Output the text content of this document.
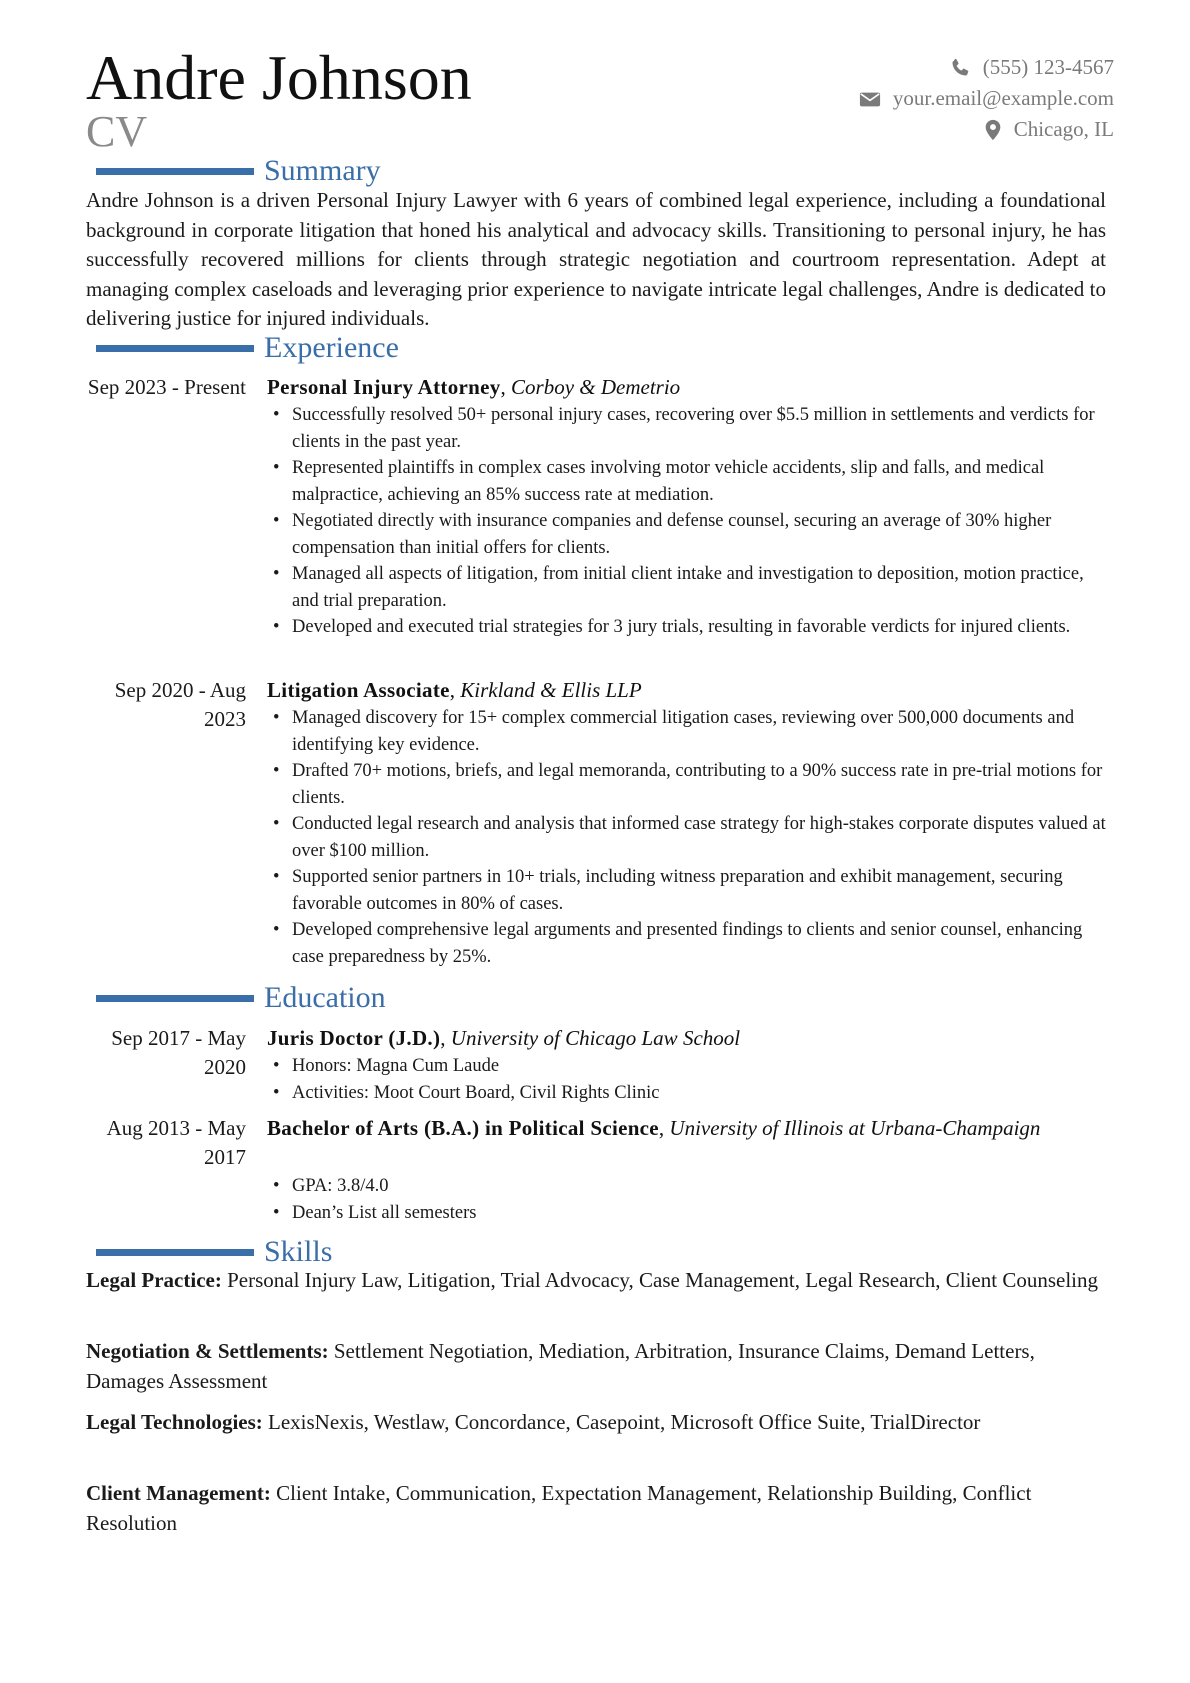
Andre Johnson
CV
(555) 123-4567
your.email@example.com
Chicago, IL
Summary
Andre Johnson is a driven Personal Injury Lawyer with 6 years of combined legal experience, including a foundational background in corporate litigation that honed his analytical and advocacy skills. Transitioning to personal injury, he has successfully recovered millions for clients through strategic negotiation and courtroom representation. Adept at managing complex caseloads and leveraging prior experience to navigate intricate legal challenges, Andre is dedicated to delivering justice for injured individuals.
Experience
Sep 2023 - Present Personal Injury Attorney, Corboy & Demetrio
• Successfully resolved 50+ personal injury cases, recovering over $5.5 million in settlements and verdicts for clients in the past year.
• Represented plaintiffs in complex cases involving motor vehicle accidents, slip and falls, and medical malpractice, achieving an 85% success rate at mediation.
• Negotiated directly with insurance companies and defense counsel, securing an average of 30% higher compensation than initial offers for clients.
• Managed all aspects of litigation, from initial client intake and investigation to deposition, motion practice, and trial preparation.
• Developed and executed trial strategies for 3 jury trials, resulting in favorable verdicts for injured clients.
Sep 2020 - Aug 2023
Litigation Associate, Kirkland & Ellis LLP
• Managed discovery for 15+ complex commercial litigation cases, reviewing over 500,000 documents and identifying key evidence.
• Drafted 70+ motions, briefs, and legal memoranda, contributing to a 90% success rate in pre-trial motions for clients.
• Conducted legal research and analysis that informed case strategy for high-stakes corporate disputes valued at over $100 million.
• Supported senior partners in 10+ trials, including witness preparation and exhibit management, securing favorable outcomes in 80% of cases.
• Developed comprehensive legal arguments and presented findings to clients and senior counsel, enhancing case preparedness by 25%.
Education
Sep 2017 - May 2020
Juris Doctor (J.D.), University of Chicago Law School
• Honors: Magna Cum Laude
• Activities: Moot Court Board, Civil Rights Clinic
Aug 2013 - May 2017
Bachelor of Arts (B.A.) in Political Science, University of Illinois at Urbana-Champaign
• GPA: 3.8/4.0
• Dean’s List all semesters
Skills
Legal Practice: Personal Injury Law, Litigation, Trial Advocacy, Case Management, Legal Research, Client Counseling
Negotiation & Settlements: Settlement Negotiation, Mediation, Arbitration, Insurance Claims, Demand Letters, Damages Assessment
Legal Technologies: LexisNexis, Westlaw, Concordance, Casepoint, Microsoft Office Suite, TrialDirector
Client Management: Client Intake, Communication, Expectation Management, Relationship Building, Conflict Resolution
